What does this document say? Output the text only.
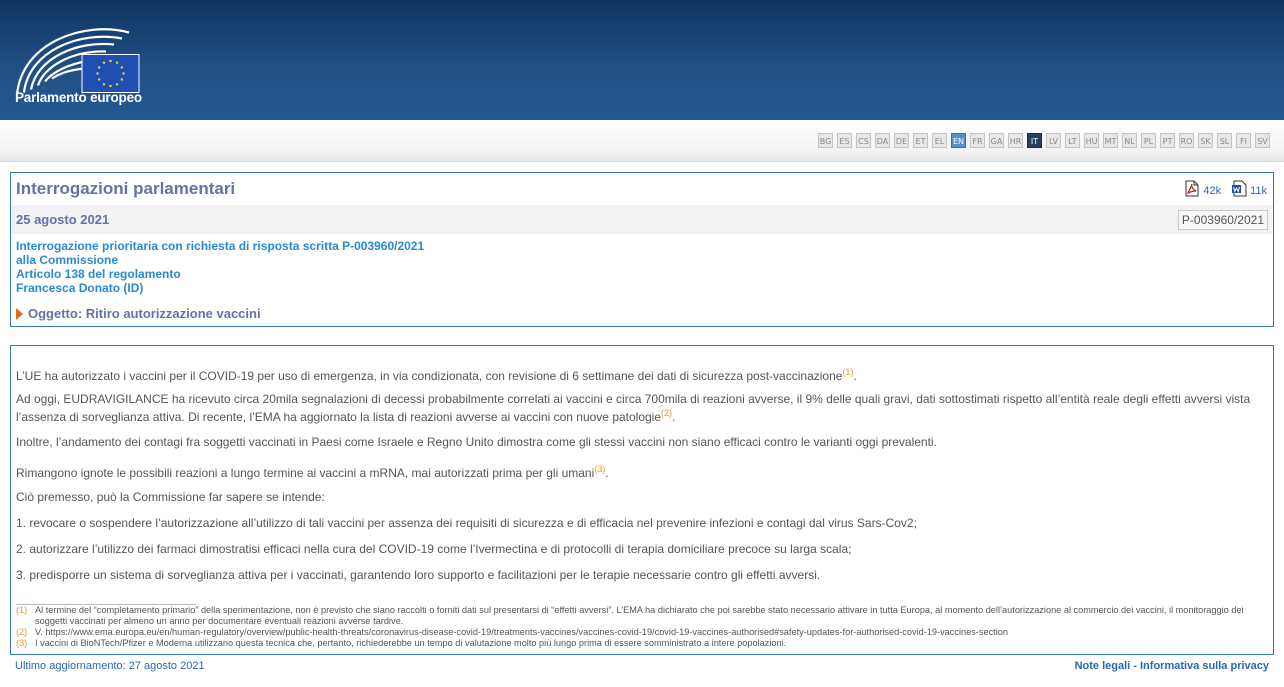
Parlamento europeo
BG	ES	CS DA DE	ET	EL	EN	FR	GA HR	IT	LV	LT	HU MT NL	PL	PT	RO SK	SL	FI	SV
Interrogazioni parlamentari	42k	11k
25 agosto 2021	P-003960/2021
Interrogazione prioritaria con richiesta di risposta scritta P-003960/2021
alla Commissione
Articolo 138 del regolamento
Francesca Donato (ID)
Oggetto: Ritiro autorizzazione vaccini
L’UE ha autorizzato i vaccini per il COVID-19 per uso di emergenza, in via condizionata, con revisione di 6 settimane dei dati di sicurezza post-vaccinazione$^{(1)}$.
Ad oggi, EUDRAVIGILANCE ha ricevuto circa 20mila segnalazioni di decessi probabilmente correlati ai vaccini e circa 700mila di reazioni avverse, il 9% delle quali gravi, dati sottostimati rispetto all’entità reale degli effetti avversi vista l’assenza di sorveglianza attiva. Di recente, l’EMA ha aggiornato la lista di reazioni avverse ai vaccini con nuove patologie$^{(2)}$.
Inoltre, l’andamento dei contagi fra soggetti vaccinati in Paesi come Israele e Regno Unito dimostra come gli stessi vaccini non siano efficaci contro le varianti oggi prevalenti.
Rimangono ignote le possibili reazioni a lungo termine ai vaccini a mRNA, mai autorizzati prima per gli umani$^{(3)}$.
Ciò premesso, può la Commissione far sapere se intende:
1. revocare o sospendere l’autorizzazione all’utilizzo di tali vaccini per assenza dei requisiti di sicurezza e di efficacia nel prevenire infezioni e contagi dal virus Sars-Cov2;
2. autorizzare l’utilizzo dei farmaci dimostratisi efficaci nella cura del COVID-19 come l’Ivermectina e di protocolli di terapia domiciliare precoce su larga scala;
3. predisporre un sistema di sorveglianza attiva per i vaccinati, garantendo loro supporto e facilitazioni per le terapie necessarie contro gli effetti avversi.
(1) Al termine del “completamento primario” della sperimentazione, non è previsto che siano raccolti o forniti dati sul presentarsi di “effetti avversi”. L’EMA ha dichiarato che poi sarebbe stato necessario attivare in tutta Europa, al momento dell’autorizzazione al commercio dei vaccini, il monitoraggio dei soggetti vaccinati per almeno un anno per documentare eventuali reazioni avverse tardive.
(2) V. https://www.ema.europa.eu/en/human-regulatory/overview/public-health-threats/coronavirus-disease-covid-19/treatments-vaccines/vaccines-covid-19/covid-19-vaccines-authorised#safety-updates-for-authorised-covid-19-vaccines-section
(3) I vaccini di BioNTech/Pfizer e Moderna utilizzano questa tecnica che, pertanto, richiederebbe un tempo di valutazione molto più lungo prima di essere somministrato a intere popolazioni.
Ultimo aggiornamento: 27 agosto 2021	Note legali - Informativa sulla privacy
